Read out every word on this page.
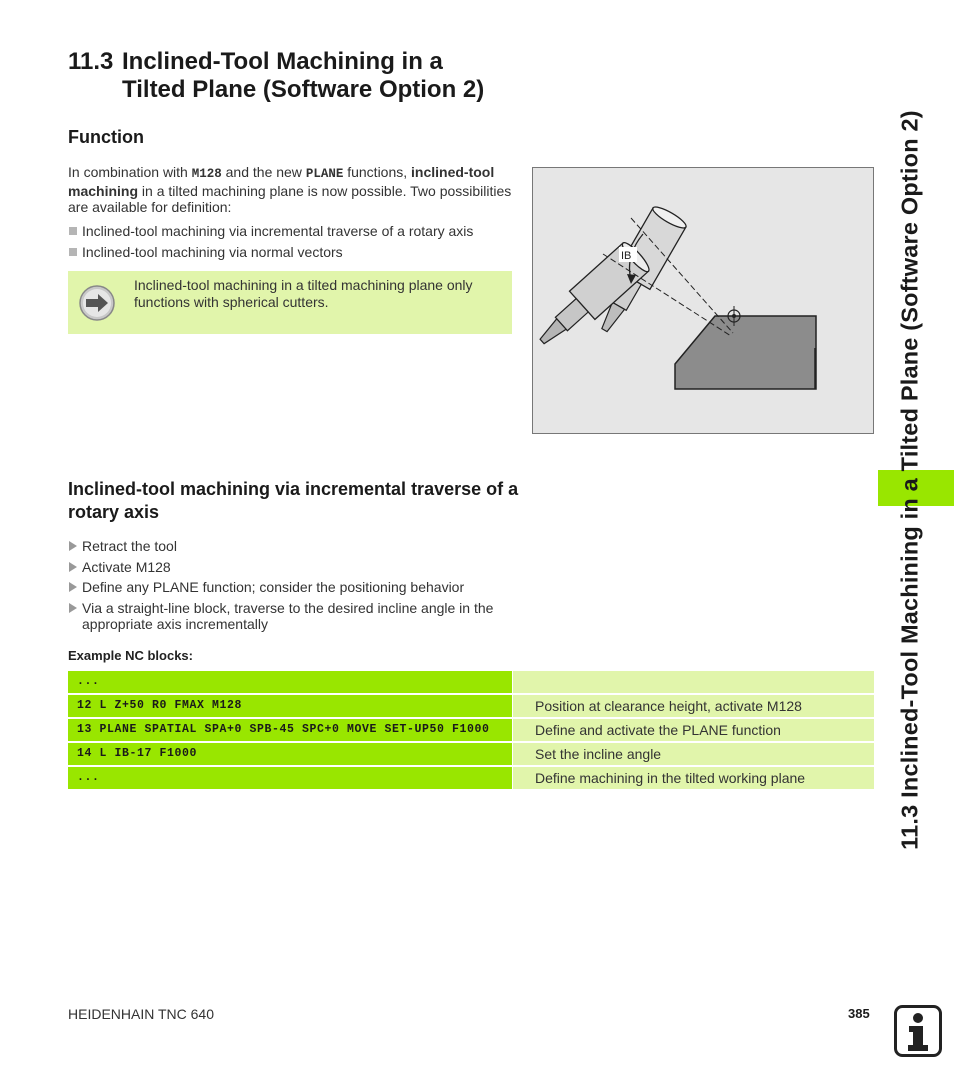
11.3 Inclined-Tool Machining in a
Tilted Plane (Software Option 2)
Function
In combination with M128 and the new PLANE functions, inclined-tool machining in a tilted machining plane is now possible. Two possibilities are available for definition:
Inclined-tool machining via incremental traverse of a rotary axis
Inclined-tool machining via normal vectors
Inclined-tool machining in a tilted machining plane only functions with spherical cutters.
IB
Inclined-tool machining via incremental traverse of a rotary axis
Retract the tool
Activate M128
Define any PLANE function; consider the positioning behavior
Via a straight-line block, traverse to the desired incline angle in the appropriate axis incrementally
Example NC blocks:
...
12 L Z+50 R0 FMAX M128	Position at clearance height, activate M128
13 PLANE SPATIAL SPA+0 SPB-45 SPC+0 MOVE SET-UP50 F1000	Define and activate the PLANE function
14 L IB-17 F1000	Set the incline angle
...	Define machining in the tilted working plane	11.3 Inclined-Tool Machining in a Tilted Plane (Software Option 2)
HEIDENHAIN TNC 640	385
